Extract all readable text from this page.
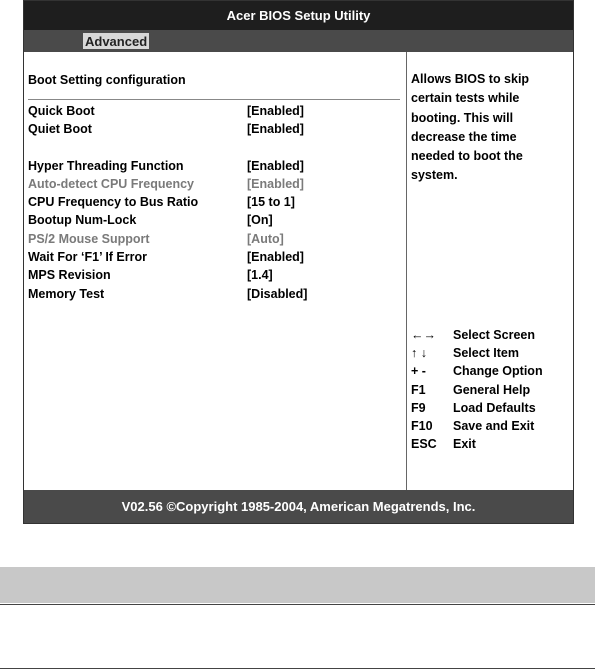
Acer BIOS Setup Utility
Advanced
Boot Setting configuration
Quick Boot	[Enabled]
Quiet Boot	[Enabled]
Hyper Threading Function	[Enabled]
Auto-detect CPU Frequency	[Enabled]
CPU Frequency to Bus Ratio	[15 to 1]
Bootup Num-Lock	[On]
PS/2 Mouse Support	[Auto]
Wait For ‘F1’ If Error	[Enabled]
MPS Revision	[1.4]
Memory Test	[Disabled]
Allows BIOS to skip
certain tests while
booting. This will
decrease the time
needed to boot the
system.
←→ Select Screen
↑ ↓ Select Item
+ - Change Option
F1 General Help
F9 Load Defaults
F10 Save and Exit
ESC Exit
V02.56 ©Copyright 1985-2004, American Megatrends, Inc.
